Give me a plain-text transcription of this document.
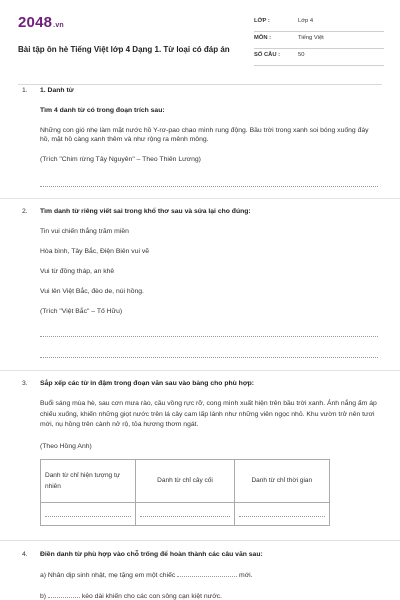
2048.vn
Bài tập ôn hè Tiếng Việt lớp 4 Dạng 1. Từ loại có đáp án
LỚP :	Lớp 4
MÔN :	Tiếng Việt
SỐ CÂU :	50
1.	1. Danh từ
Tìm 4 danh từ có trong đoạn trích sau:
Những con gió nhẹ làm mặt nước hồ Y-rơ-pao chao mình rung động. Bầu trời trong xanh soi bóng xuống đáy hồ, mặt hồ càng xanh thêm và như rộng ra mênh mông.
(Trích "Chim rừng Tây Nguyên" – Theo Thiên Lương)
2.	Tìm danh từ riêng viết sai trong khổ thơ sau và sửa lại cho đúng:
Tin vui chiến thắng trăm miền
Hòa bình, Tây Bắc, Điện Biên vui vẽ
Vui từ đồng tháp, an khê
Vui lên Việt Bắc, đèo de, núi hồng.
(Trích "Việt Bắc" – Tố Hữu)
3.	Sắp xếp các từ in đậm trong đoạn văn sau vào bảng cho phù hợp:
Buổi sáng mùa hè, sau cơn mưa rào, cầu vồng rực rỡ, cong mình xuất hiện trên bầu trời xanh. Ánh nắng ấm áp chiếu xuống, khiến những giọt nước trên lá cây cam lấp lánh như những viên ngọc nhỏ. Khu vườn trở nên tươi mới, nụ hồng trên cành nở rộ, tỏa hương thơm ngát.
(Theo Hồng Anh)
Danh từ chỉ hiện tượng tự nhiên	Danh từ chỉ cây cối	Danh từ chỉ thời gian

4.	Điền danh từ phù hợp vào chỗ trống để hoàn thành các câu văn sau:
a) Nhân dịp sinh nhật, mẹ tặng em một chiếc	mới.
b)	kéo dài khiến cho các con sông cạn kiệt nước.
